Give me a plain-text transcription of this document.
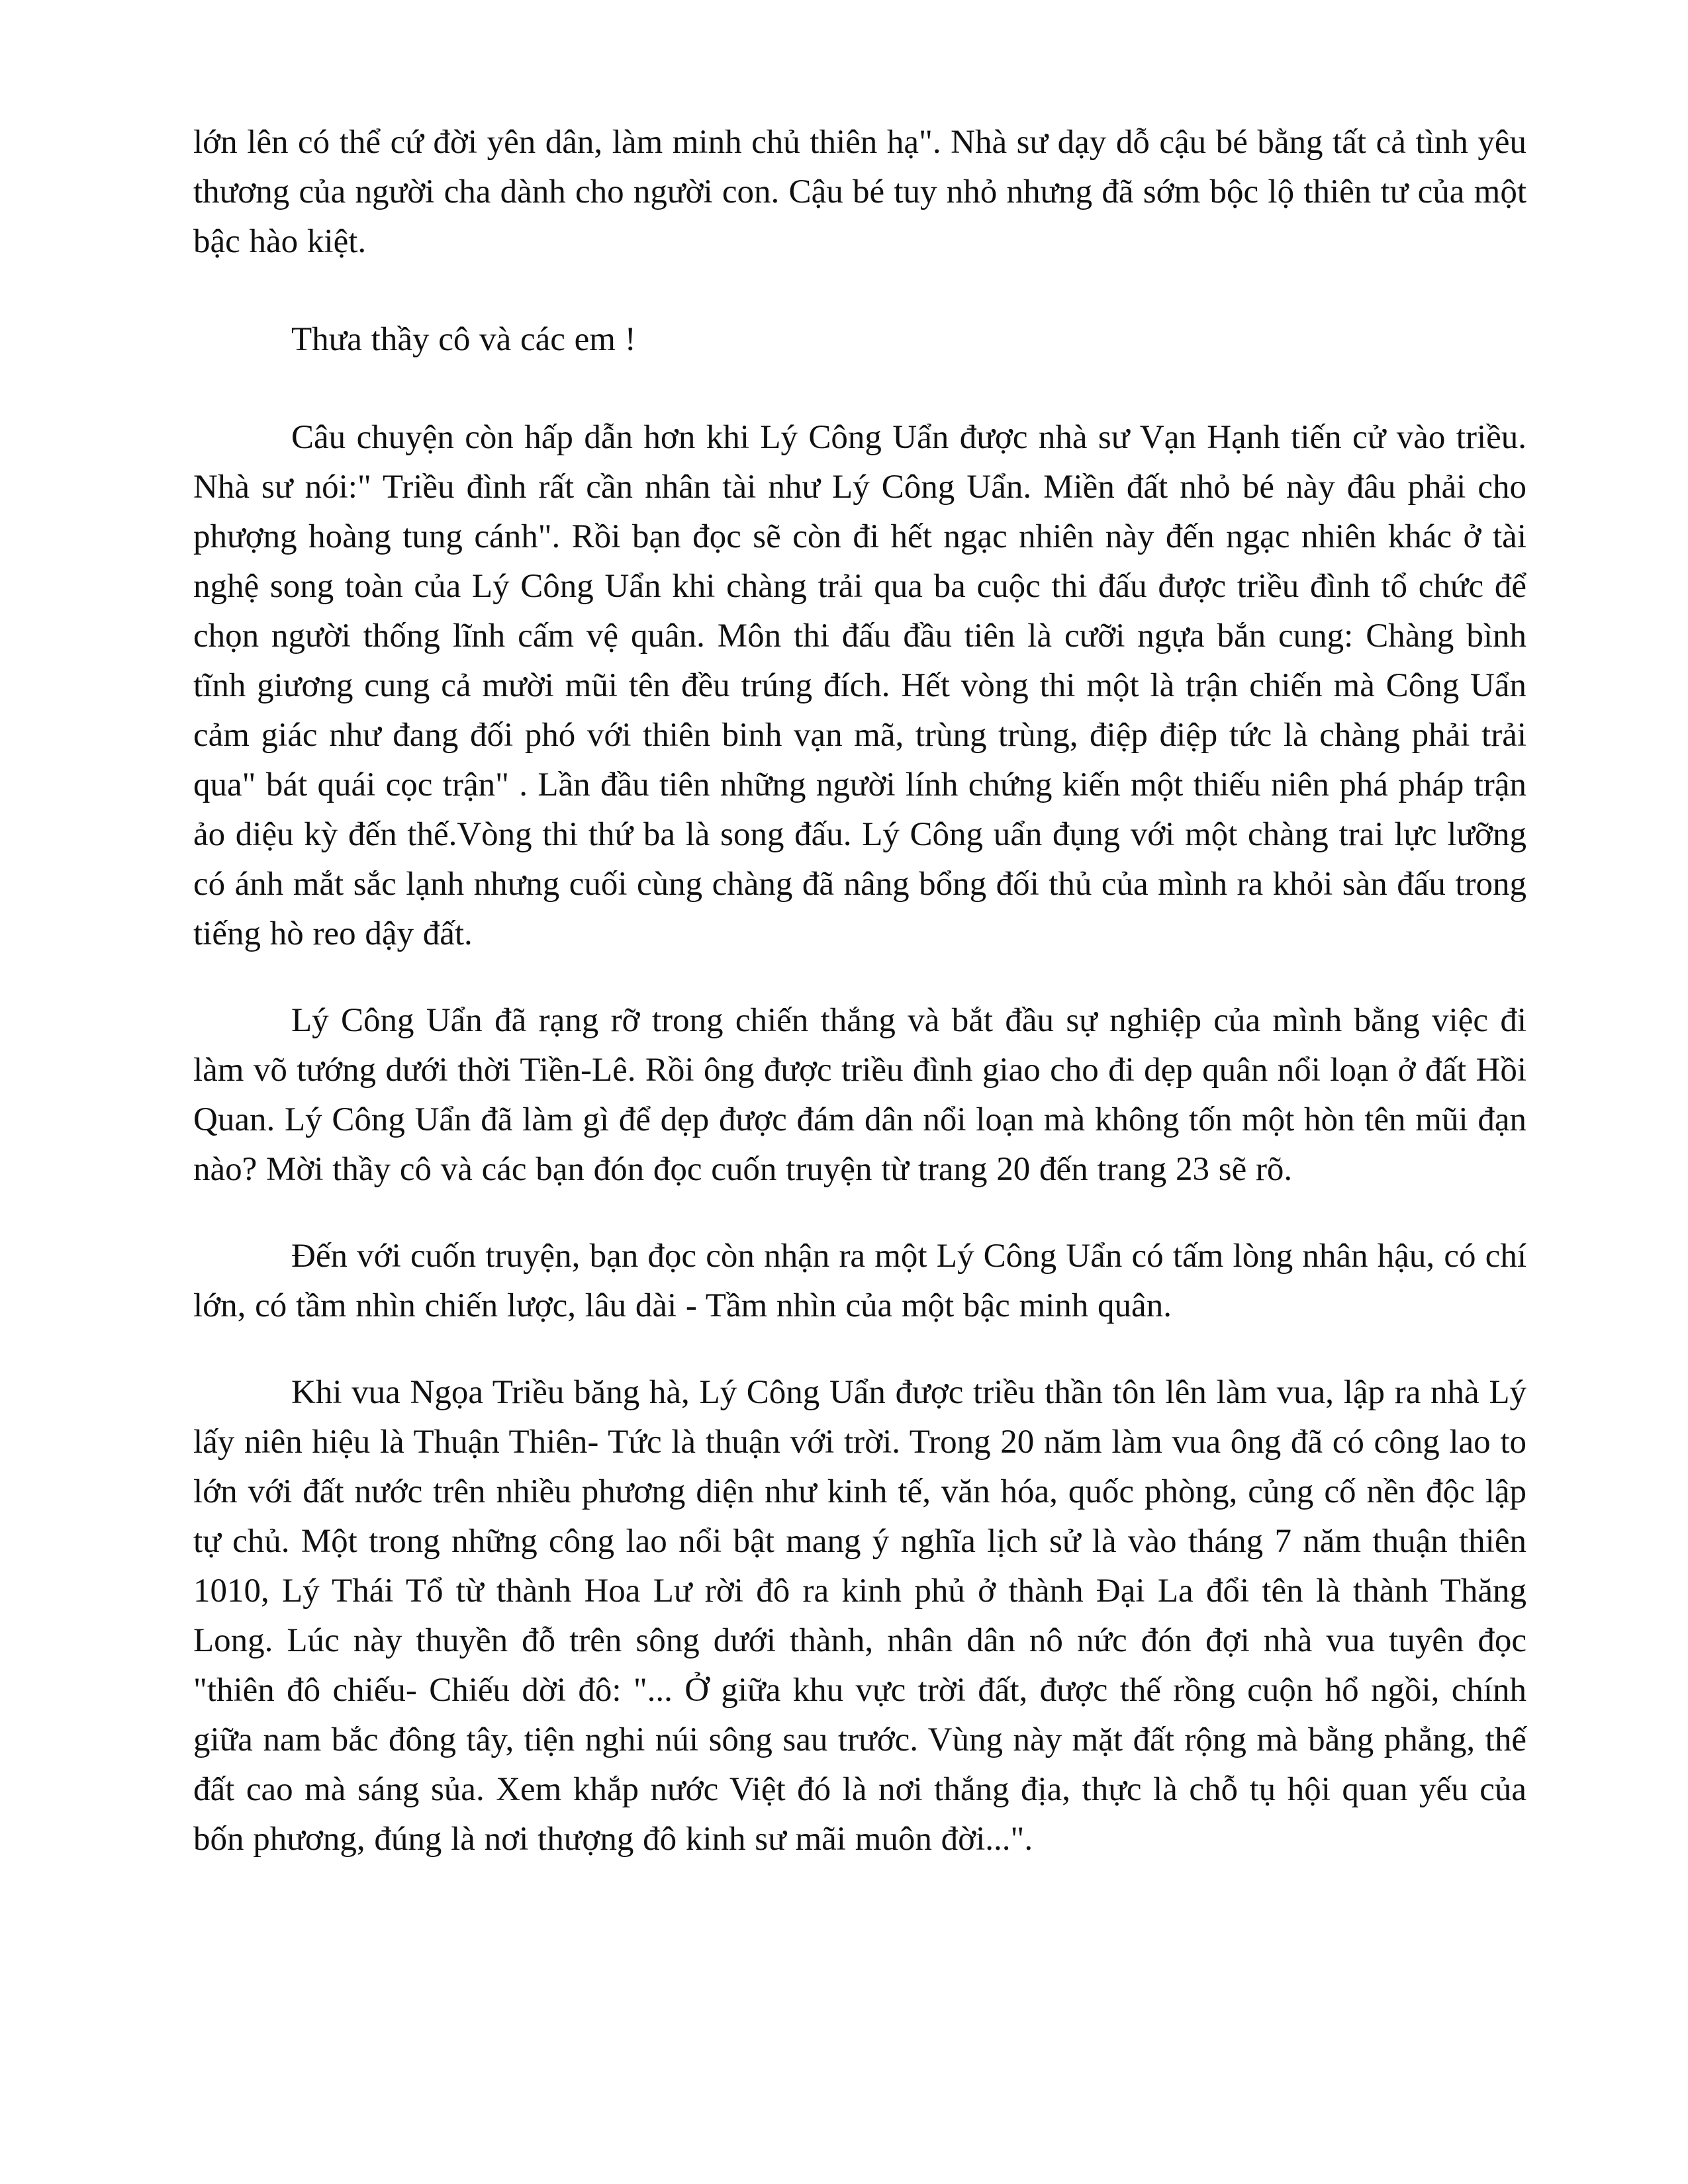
lớn lên có thể cứ đời yên dân, làm minh chủ thiên hạ". Nhà sư dạy dỗ cậu bé bằng tất cả tình yêu thương của người cha dành cho người con. Cậu bé tuy nhỏ nhưng đã sớm bộc lộ thiên tư của một bậc hào kiệt.

Thưa thầy cô và các em !

Câu chuyện còn hấp dẫn hơn khi Lý Công Uẩn được nhà sư Vạn Hạnh tiến cử vào triều. Nhà sư nói:" Triều đình rất cần nhân tài như Lý Công Uẩn. Miền đất nhỏ bé này đâu phải cho phượng hoàng tung cánh". Rồi bạn đọc sẽ còn đi hết ngạc nhiên này đến ngạc nhiên khác ở tài nghệ song toàn của Lý Công Uẩn khi chàng trải qua ba cuộc thi đấu được triều đình tổ chức để chọn người thống lĩnh cấm vệ quân. Môn thi đấu đầu tiên là cưỡi ngựa bắn cung: Chàng bình tĩnh giương cung cả mười mũi tên đều trúng đích. Hết vòng thi một là trận chiến mà Công Uẩn cảm giác như đang đối phó với thiên binh vạn mã, trùng trùng, điệp điệp tức là chàng phải trải qua" bát quái cọc trận" . Lần đầu tiên những người lính chứng kiến một thiếu niên phá pháp trận ảo diệu kỳ đến thế.Vòng thi thứ ba là song đấu. Lý Công uẩn đụng với một chàng trai lực lưỡng có ánh mắt sắc lạnh nhưng cuối cùng chàng đã nâng bổng đối thủ của mình ra khỏi sàn đấu trong tiếng hò reo dậy đất.

Lý Công Uẩn đã rạng rỡ trong chiến thắng và bắt đầu sự nghiệp của mình bằng việc đi làm võ tướng dưới thời Tiền-Lê. Rồi ông được triều đình giao cho đi dẹp quân nổi loạn ở đất Hồi Quan. Lý Công Uẩn đã làm gì để dẹp được đám dân nổi loạn mà không tốn một hòn tên mũi đạn nào? Mời thầy cô và các bạn đón đọc cuốn truyện từ trang 20 đến trang 23 sẽ rõ.

Đến với cuốn truyện, bạn đọc còn nhận ra một Lý Công Uẩn có tấm lòng nhân hậu, có chí lớn, có tầm nhìn chiến lược, lâu dài - Tầm nhìn của một bậc minh quân.

Khi vua Ngọa Triều băng hà, Lý Công Uẩn được triều thần tôn lên làm vua, lập ra nhà Lý lấy niên hiệu là Thuận Thiên- Tức là thuận với trời. Trong 20 năm làm vua ông đã có công lao to lớn với đất nước trên nhiều phương diện như kinh tế, văn hóa, quốc phòng, củng cố nền độc lập tự chủ. Một trong những công lao nổi bật mang ý nghĩa lịch sử là vào tháng 7 năm thuận thiên 1010, Lý Thái Tổ từ thành Hoa Lư rời đô ra kinh phủ ở thành Đại La đổi tên là thành Thăng Long. Lúc này thuyền đỗ trên sông dưới thành, nhân dân nô nức đón đợi nhà vua tuyên đọc "thiên đô chiếu- Chiếu dời đô: "... Ở giữa khu vực trời đất, được thế rồng cuộn hổ ngồi, chính giữa nam bắc đông tây, tiện nghi núi sông sau trước. Vùng này mặt đất rộng mà bằng phẳng, thế đất cao mà sáng sủa. Xem khắp nước Việt đó là nơi thắng địa, thực là chỗ tụ hội quan yếu của bốn phương, đúng là nơi thượng đô kinh sư mãi muôn đời...".
